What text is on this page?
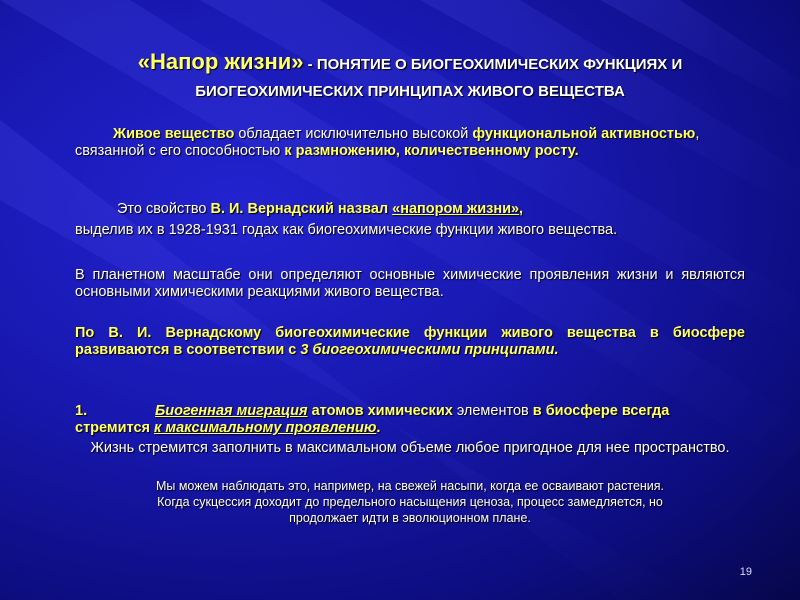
«Напор жизни» - ПОНЯТИЕ О БИОГЕОХИМИЧЕСКИХ ФУНКЦИЯХ И
БИОГЕОХИМИЧЕСКИХ ПРИНЦИПАХ ЖИВОГО ВЕЩЕСТВА
Живое вещество обладает исключительно высокой функциональной активностью, связанной с его способностью к размножению, количественному росту.
Это свойство В. И. Вернадский назвал «напором жизни»,
выделив их в 1928-1931 годах как биогеохимические функции живого вещества.
В планетном масштабе они определяют основные химические проявления жизни и являются основными химическими реакциями живого вещества.
По В. И. Вернадскому биогеохимические функции живого вещества в биосфере развиваются в соответствии с 3 биогеохимическими принципами.
1.	Биогенная миграция атомов химических элементов в биосфере всегда стремится к максимальному проявлению.
Жизнь стремится заполнить в максимальном объеме любое пригодное для нее пространство.
Мы можем наблюдать это, например, на свежей насыпи, когда ее осваивают растения.
Когда сукцессия доходит до предельного насыщения ценоза, процесс замедляется, но
продолжает идти в эволюционном плане.
19
